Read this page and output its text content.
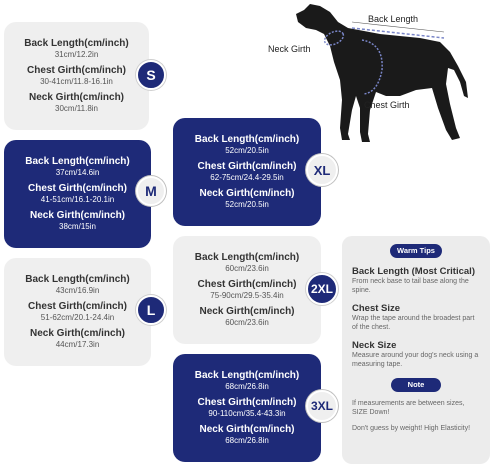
Back Length
Neck Girth
Chest Girth
Back Length(cm/inch)
31cm/12.2in
Chest Girth(cm/inch)
30-41cm/11.8-16.1in
Neck Girth(cm/inch)
30cm/11.8in
S
Back Length(cm/inch)
37cm/14.6in
Chest Girth(cm/inch)
41-51cm/16.1-20.1in
Neck Girth(cm/inch)
38cm/15in
M
Back Length(cm/inch)
43cm/16.9in
Chest Girth(cm/inch)
51-62cm/20.1-24.4in
Neck Girth(cm/inch)
44cm/17.3in
L
Back Length(cm/inch)
52cm/20.5in
Chest Girth(cm/inch)
62-75cm/24.4-29.5in
Neck Girth(cm/inch)
52cm/20.5in
XL
Back Length(cm/inch)
60cm/23.6in
Chest Girth(cm/inch)
75-90cm/29.5-35.4in
Neck Girth(cm/inch)
60cm/23.6in
2XL
Back Length(cm/inch)
68cm/26.8in
Chest Girth(cm/inch)
90-110cm/35.4-43.3in
Neck Girth(cm/inch)
68cm/26.8in
3XL
Warm Tips
Back Length (Most Critical)

From neck base to tail base along the spine.

Chest Size

Wrap the tape around the broadest part of the chest.

Neck Size

Measure around your dog's neck using a measuring tape.

Note

If measurements are between sizes, SIZE Down!

Don't guess by weight! High Elasticity!
